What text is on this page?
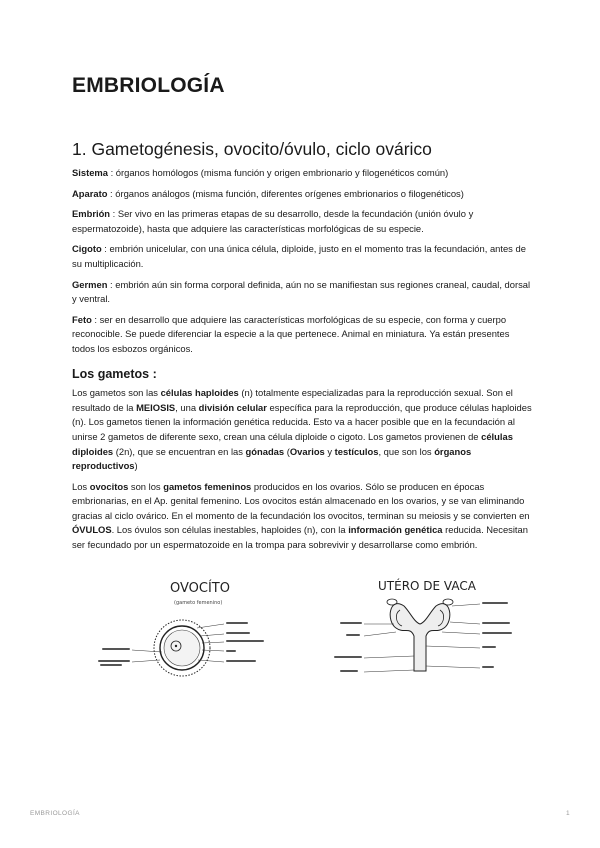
EMBRIOLOGÍA
1. Gametogénesis, ovocito/óvulo, ciclo ovárico

Sistema : órganos homólogos (misma función y origen embrionario y filogenéticos común)

Aparato : órganos análogos (misma función, diferentes orígenes embrionarios o filogenéticos)

Embrión : Ser vivo en las primeras etapas de su desarrollo, desde la fecundación (unión óvulo y espermatozoide), hasta que adquiere las características morfológicas de su especie.

Cigoto : embrión unicelular, con una única célula, diploide, justo en el momento tras la fecundación, antes de su multiplicación.

Germen : embrión aún sin forma corporal definida, aún no se manifiestan sus regiones craneal, caudal, dorsal y ventral.

Feto : ser en desarrollo que adquiere las características morfológicas de su especie, con forma y cuerpo reconocible. Se puede diferenciar la especie a la que pertenece. Animal en miniatura. Ya están presentes todos los esbozos orgánicos.

Los gametos :

Los gametos son las células haploides (n) totalmente especializadas para la reproducción sexual. Son el resultado de la MEIOSIS, una división celular específica para la reproducción, que produce células haploides (n). Los gametos tienen la información genética reducida. Esto va a hacer posible que en la fecundación al unirse 2 gametos de diferente sexo, crean una célula diploide o cigoto. Los gametos provienen de células diploides (2n), que se encuentran en las gónadas (Ovarios y testículos, que son los órganos reproductivos)

Los ovocitos son los gametos femeninos producidos en los ovarios. Sólo se producen en épocas embrionarias, en el Ap. genital femenino. Los ovocitos están almacenado en los ovarios, y se van eliminando gracias al ciclo ovárico. En el momento de la fecundación los ovocitos, terminan su meiosis y se convierten en ÓVULOS. Los óvulos son células inestables, haploides (n), con la información genética reducida. Necesitan ser fecundado por un espermatozoide en la trompa para sobrevivir y desarrollarse como embrión.

OVOCÍTO
(gameto femenino)
UTÉRO DE VACA
EMBRIOLOGÍA	1
